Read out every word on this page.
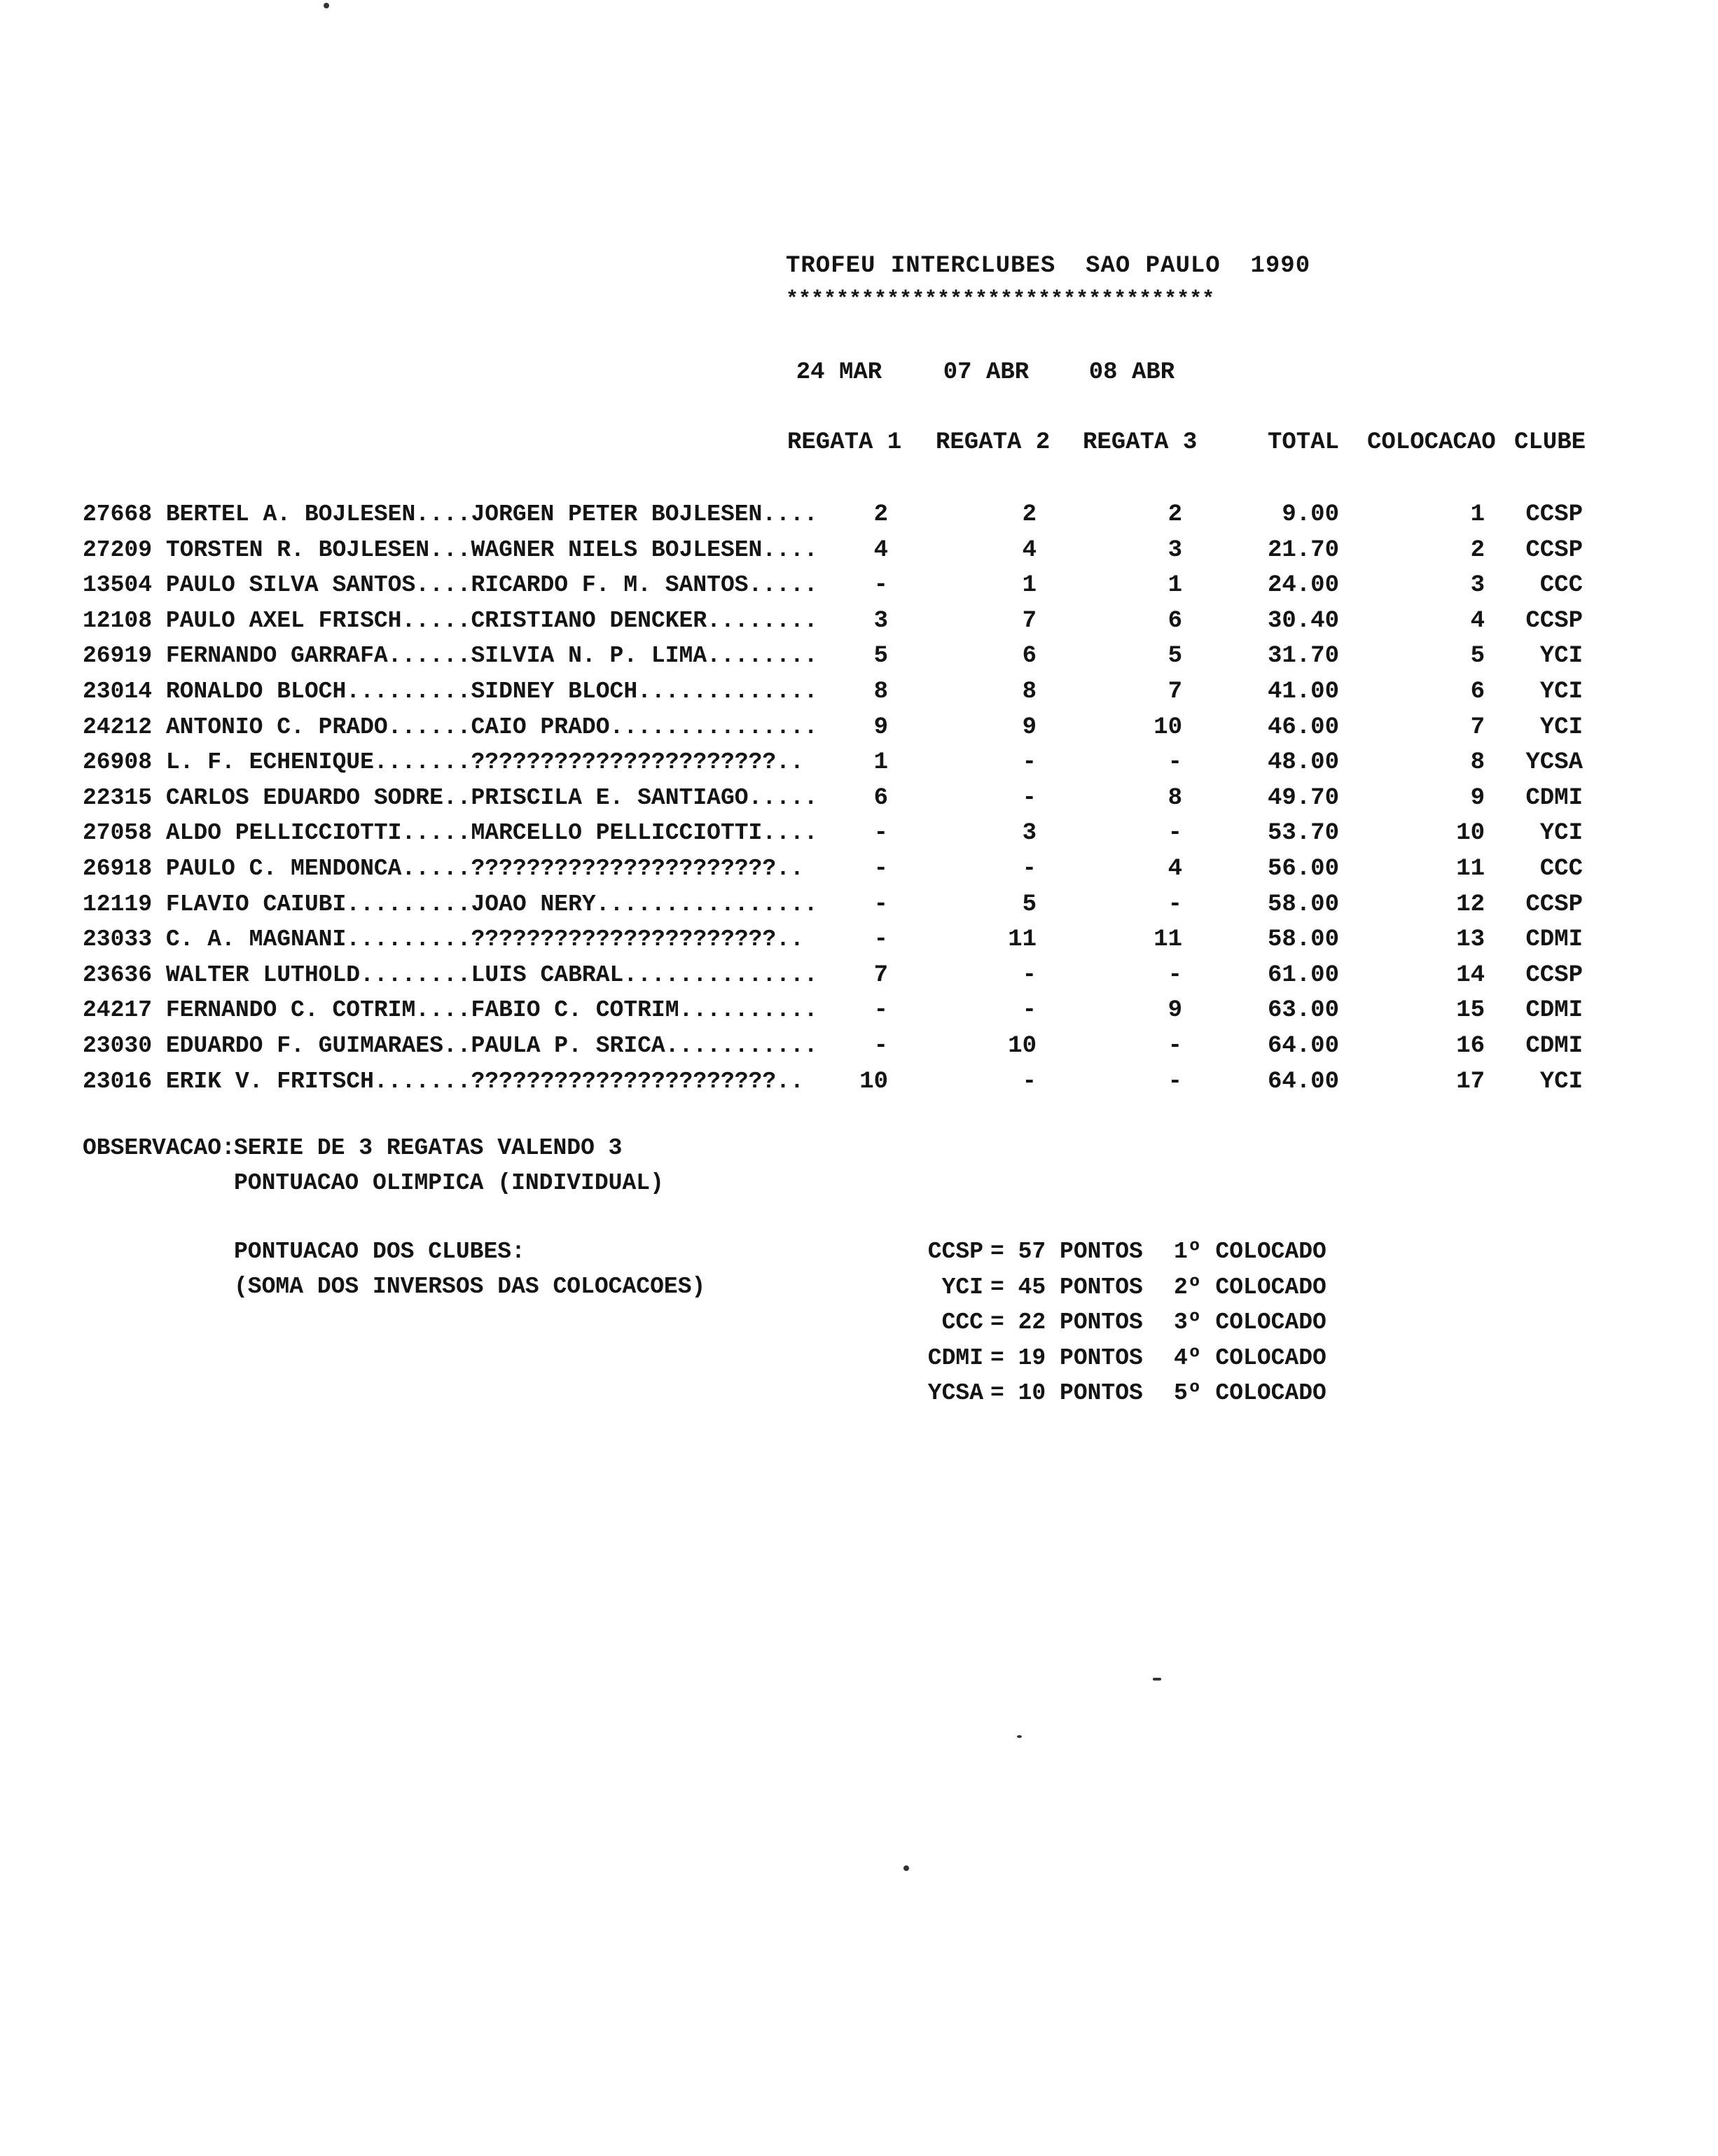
TROFEU INTERCLUBES  SAO PAULO  1990
**********************************
24 MAR	07 ABR	08 ABR
REGATA 1 REGATA 2 REGATA 3	TOTAL COLOCACAO CLUBE
27668 BERTEL A. BOJLESEN....JORGEN PETER BOJLESEN....	2	2	2	9.00	1	CCSP
27209 TORSTEN R. BOJLESEN...WAGNER NIELS BOJLESEN....	4	4	3	21.70	2	CCSP
13504 PAULO SILVA SANTOS....RICARDO F. M. SANTOS.....	-	1	1	24.00	3	CCC
12108 PAULO AXEL FRISCH.....CRISTIANO DENCKER........	3	7	6	30.40	4	CCSP
26919 FERNANDO GARRAFA......SILVIA N. P. LIMA........	5	6	5	31.70	5	YCI
23014 RONALDO BLOCH.........SIDNEY BLOCH.............	8	8	7	41.00	6	YCI
24212 ANTONIO C. PRADO......CAIO PRADO...............	9	9	10	46.00	7	YCI
26908 L. F. ECHENIQUE.......??????????????????????..	1	-	-	48.00	8	YCSA
22315 CARLOS EDUARDO SODRE..PRISCILA E. SANTIAGO.....	6	-	8	49.70	9	CDMI
27058 ALDO PELLICCIOTTI.....MARCELLO PELLICCIOTTI....	-	3	-	53.70	10	YCI
26918 PAULO C. MENDONCA.....??????????????????????..	-	-	4	56.00	11	CCC
12119 FLAVIO CAIUBI.........JOAO NERY................	-	5	-	58.00	12	CCSP
23033 C. A. MAGNANI.........??????????????????????..	-	11	11	58.00	13	CDMI
23636 WALTER LUTHOLD........LUIS CABRAL..............	7	-	-	61.00	14	CCSP
24217 FERNANDO C. COTRIM....FABIO C. COTRIM..........	-	-	9	63.00	15	CDMI
23030 EDUARDO F. GUIMARAES..PAULA P. SRICA...........	-	10	-	64.00	16	CDMI
23016 ERIK V. FRITSCH.......??????????????????????..	10	-	-	64.00	17	YCI
OBSERVACAO:
SERIE DE 3 REGATAS VALENDO 3
PONTUACAO OLIMPICA (INDIVIDUAL)
PONTUACAO DOS CLUBES:
(SOMA DOS INVERSOS DAS COLOCACOES)
CCSP = 57 PONTOS 1º COLOCADO
YCI = 45 PONTOS 2º COLOCADO
CCC = 22 PONTOS 3º COLOCADO
CDMI = 19 PONTOS 4º COLOCADO
YCSA = 10 PONTOS 5º COLOCADO
